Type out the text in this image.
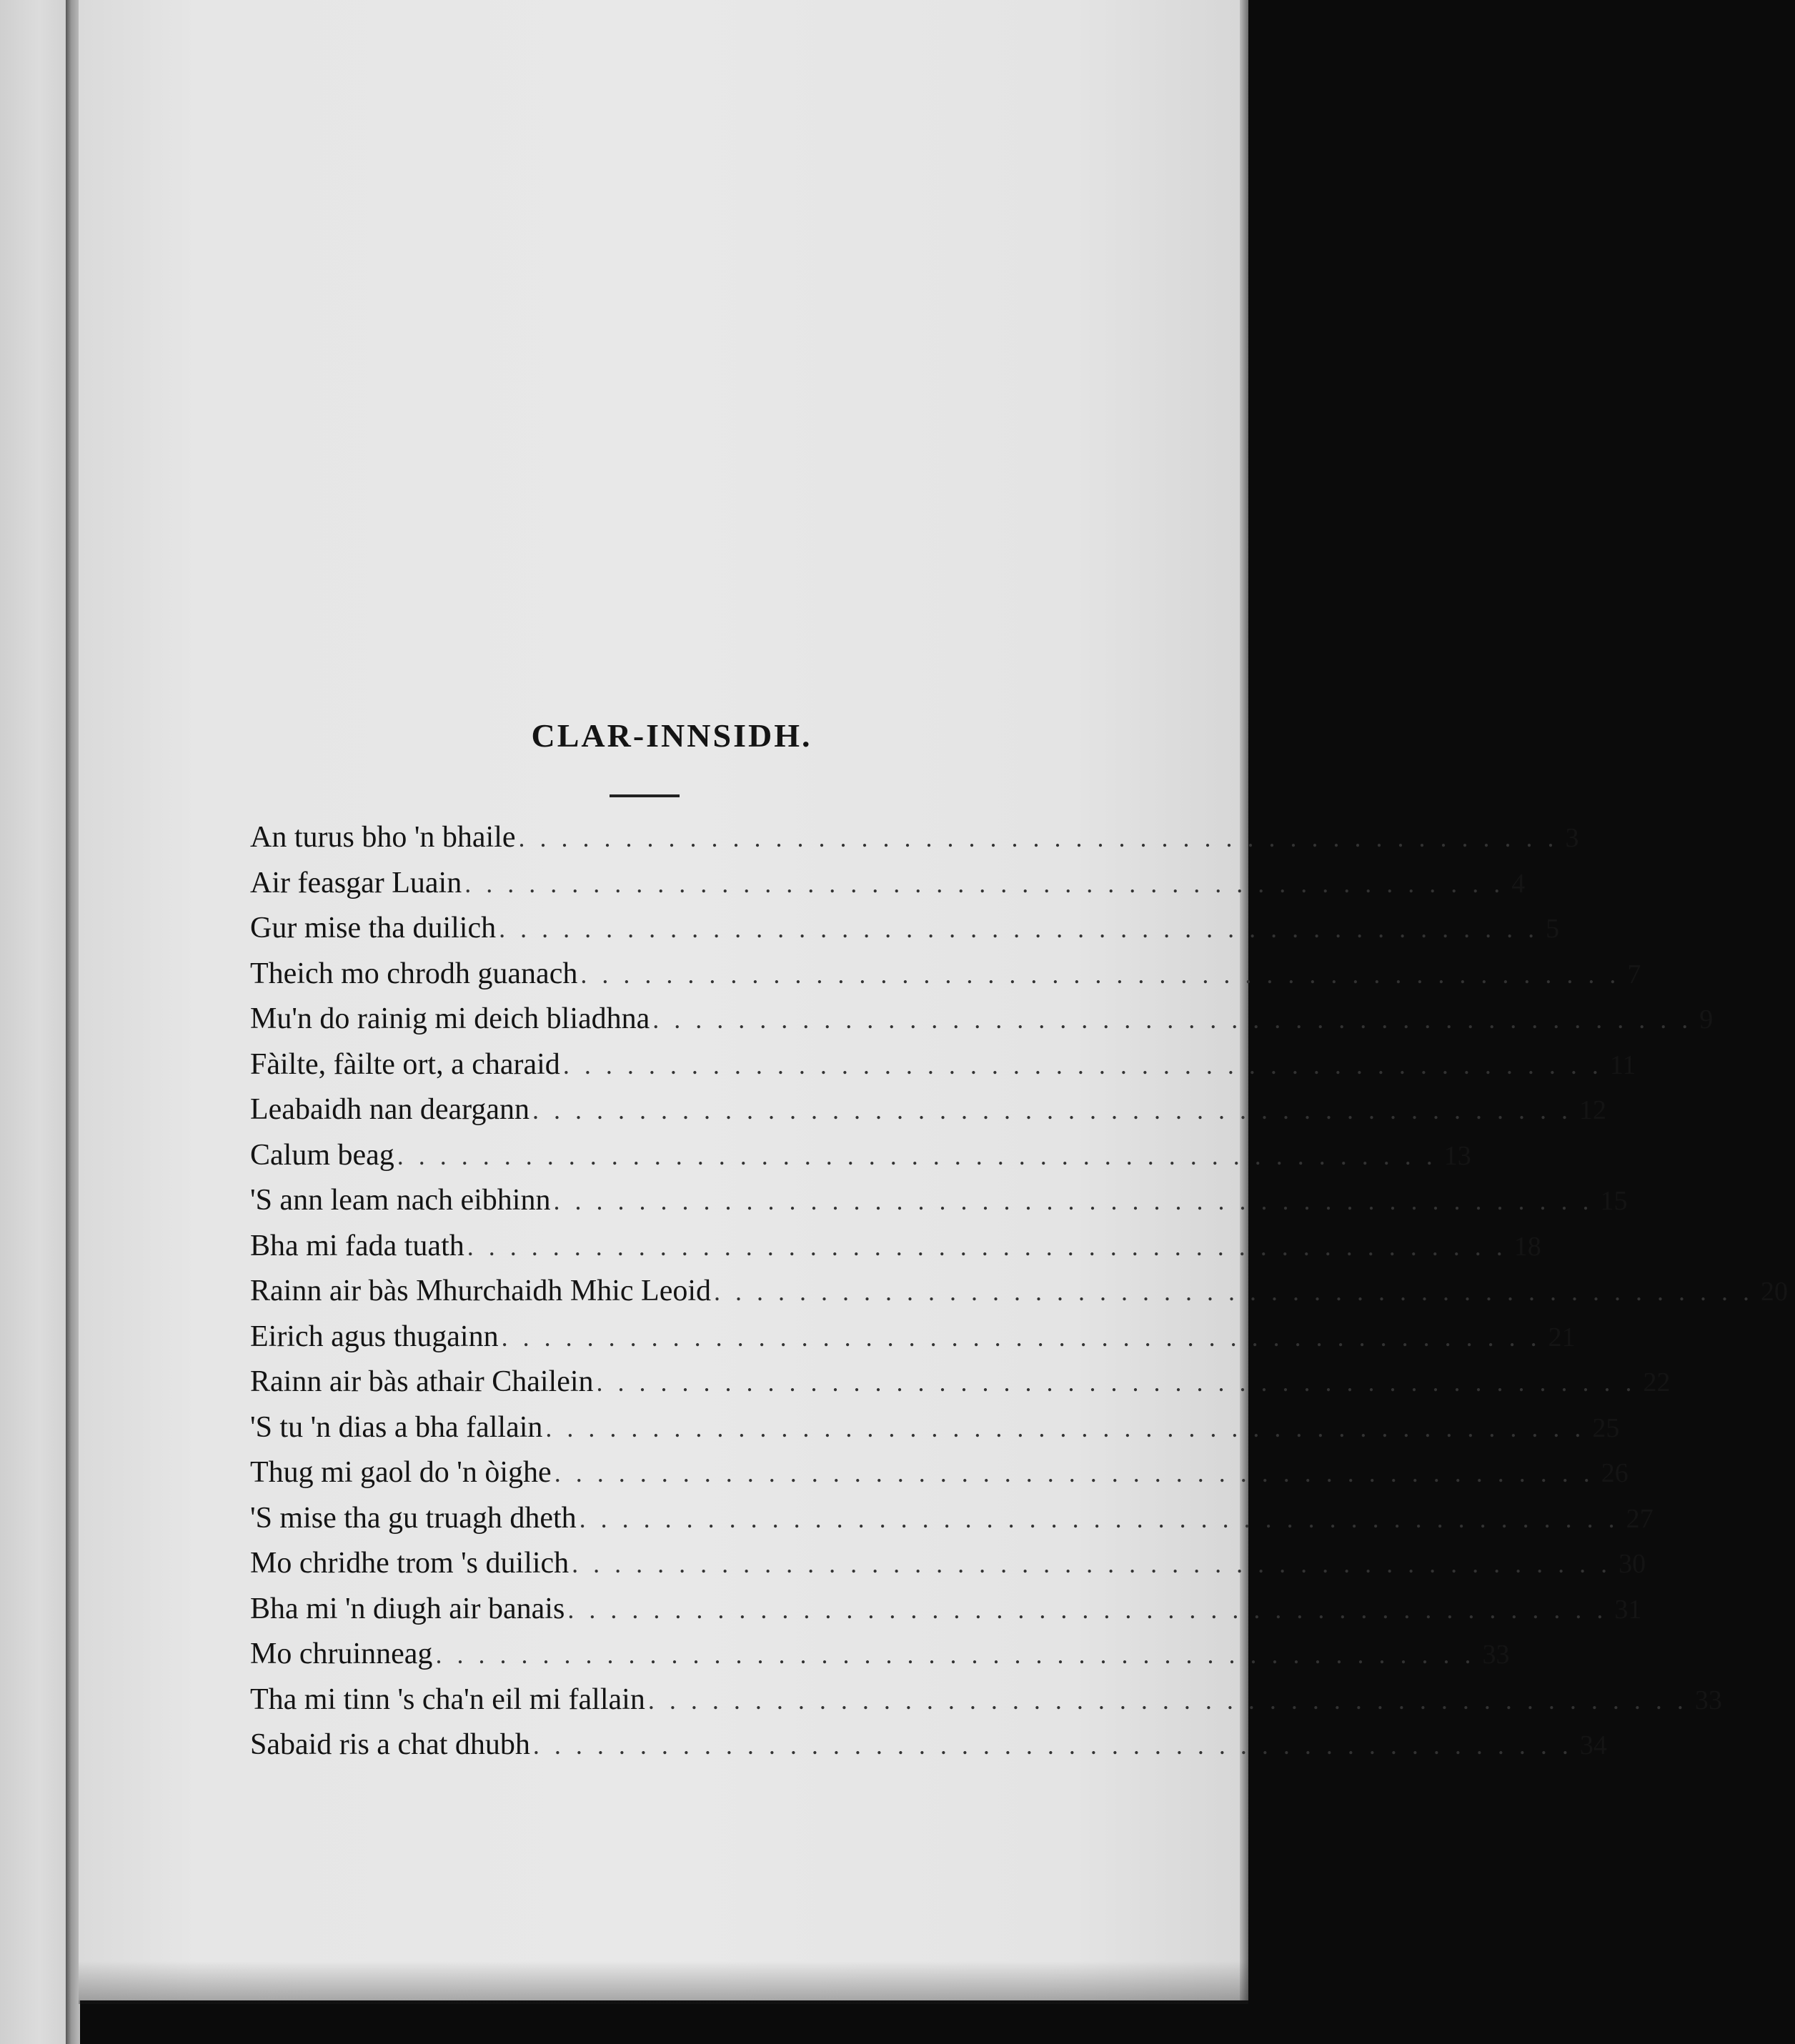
CLAR-INNSIDH.
An turus bho 'n bhaile . . . . . . . . . . . . . . . . . . . . . . . . . . . . . . . . . . . . . . . . . . . . . . . . . 3
Air feasgar Luain . . . . . . . . . . . . . . . . . . . . . . . . . . . . . . . . . . . . . . . . . . . . . . . . . 4
Gur mise tha duilich . . . . . . . . . . . . . . . . . . . . . . . . . . . . . . . . . . . . . . . . . . . . . . . . . 5
Theich mo chrodh guanach . . . . . . . . . . . . . . . . . . . . . . . . . . . . . . . . . . . . . . . . . . . . . . . . . 7
Mu'n do rainig mi deich bliadhna . . . . . . . . . . . . . . . . . . . . . . . . . . . . . . . . . . . . . . . . . . . . . . . . . 9
Fàilte, fàilte ort, a charaid . . . . . . . . . . . . . . . . . . . . . . . . . . . . . . . . . . . . . . . . . . . . . . . . . 11
Leabaidh nan deargann . . . . . . . . . . . . . . . . . . . . . . . . . . . . . . . . . . . . . . . . . . . . . . . . . 12
Calum beag . . . . . . . . . . . . . . . . . . . . . . . . . . . . . . . . . . . . . . . . . . . . . . . . . 13
'S ann leam nach eibhinn . . . . . . . . . . . . . . . . . . . . . . . . . . . . . . . . . . . . . . . . . . . . . . . . . 15
Bha mi fada tuath . . . . . . . . . . . . . . . . . . . . . . . . . . . . . . . . . . . . . . . . . . . . . . . . . 18
Rainn air bàs Mhurchaidh Mhic Leoid . . . . . . . . . . . . . . . . . . . . . . . . . . . . . . . . . . . . . . . . . . . . . . . . . 20
Eirich agus thugainn . . . . . . . . . . . . . . . . . . . . . . . . . . . . . . . . . . . . . . . . . . . . . . . . . 21
Rainn air bàs athair Chailein . . . . . . . . . . . . . . . . . . . . . . . . . . . . . . . . . . . . . . . . . . . . . . . . . 22
'S tu 'n dias a bha fallain . . . . . . . . . . . . . . . . . . . . . . . . . . . . . . . . . . . . . . . . . . . . . . . . . 25
Thug mi gaol do 'n òighe . . . . . . . . . . . . . . . . . . . . . . . . . . . . . . . . . . . . . . . . . . . . . . . . . 26
'S mise tha gu truagh dheth . . . . . . . . . . . . . . . . . . . . . . . . . . . . . . . . . . . . . . . . . . . . . . . . . 27
Mo chridhe trom 's duilich . . . . . . . . . . . . . . . . . . . . . . . . . . . . . . . . . . . . . . . . . . . . . . . . . 30
Bha mi 'n diugh air banais . . . . . . . . . . . . . . . . . . . . . . . . . . . . . . . . . . . . . . . . . . . . . . . . . 31
Mo chruinneag . . . . . . . . . . . . . . . . . . . . . . . . . . . . . . . . . . . . . . . . . . . . . . . . . 33
Tha mi tinn 's cha'n eil mi fallain . . . . . . . . . . . . . . . . . . . . . . . . . . . . . . . . . . . . . . . . . . . . . . . . . 33
Sabaid ris a chat dhubh . . . . . . . . . . . . . . . . . . . . . . . . . . . . . . . . . . . . . . . . . . . . . . . . . 34
